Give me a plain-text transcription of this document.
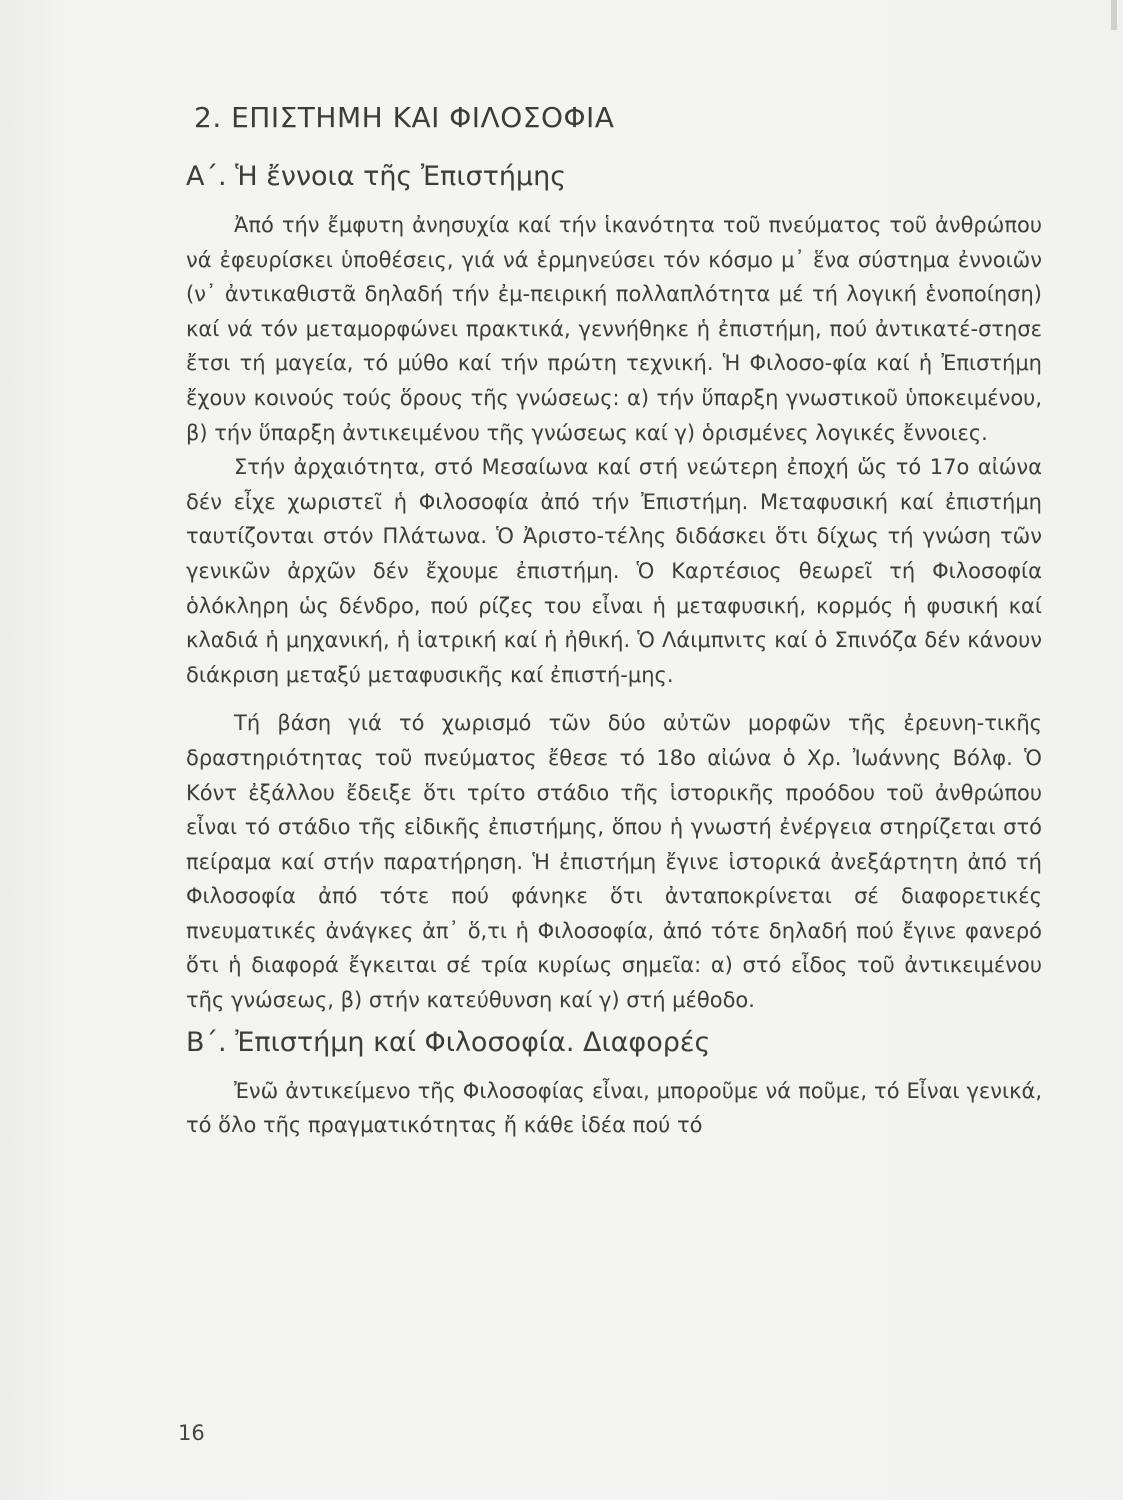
2. ΕΠΙΣΤΗΜΗ ΚΑΙ ΦΙΛΟΣΟΦΙΑ
Α΄. Ἡ ἔννοια τῆς Ἐπιστήμης

Ἀπό τήν ἔμφυτη ἀνησυχία καί τήν ἱκανότητα τοῦ πνεύματος τοῦ ἀνθρώπου νά ἐφευρίσκει ὑποθέσεις, γιά νά ἑρμηνεύσει τόν κόσμο μ᾿ ἕνα σύστημα ἐννοιῶν (ν᾿ ἀντικαθιστᾶ δηλαδή τήν ἐμ-πειρική πολλαπλότητα μέ τή λογική ἑνοποίηση) καί νά τόν μεταμορφώνει πρακτικά, γεννήθηκε ἡ ἐπιστήμη, πού ἀντικατέ-στησε ἔτσι τή μαγεία, τό μύθο καί τήν πρώτη τεχνική. Ἡ Φιλοσο-φία καί ἡ Ἐπιστήμη ἔχουν κοινούς τούς ὅρους τῆς γνώσεως: α) τήν ὕπαρξη γνωστικοῦ ὑποκειμένου, β) τήν ὕπαρξη ἀντικειμένου τῆς γνώσεως καί γ) ὁρισμένες λογικές ἔννοιες.

Στήν ἀρχαιότητα, στό Μεσαίωνα καί στή νεώτερη ἐποχή ὥς τό 17ο αἰώνα δέν εἶχε χωριστεῖ ἡ Φιλοσοφία ἀπό τήν Ἐπιστήμη. Μεταφυσική καί ἐπιστήμη ταυτίζονται στόν Πλάτωνα. Ὁ Ἀριστο-τέλης διδάσκει ὅτι δίχως τή γνώση τῶν γενικῶν ἀρχῶν δέν ἔχουμε ἐπιστήμη. Ὁ Καρτέσιος θεωρεῖ τή Φιλοσοφία ὁλόκληρη ὡς δένδρο, πού ρίζες του εἶναι ἡ μεταφυσική, κορμός ἡ φυσική καί κλαδιά ἡ μηχανική, ἡ ἰατρική καί ἡ ἠθική. Ὁ Λάιμπνιτς καί ὁ Σπινόζα δέν κάνουν διάκριση μεταξύ μεταφυσικῆς καί ἐπιστή-μης.

Τή βάση γιά τό χωρισμό τῶν δύο αὐτῶν μορφῶν τῆς ἐρευνη-τικῆς δραστηριότητας τοῦ πνεύματος ἔθεσε τό 18ο αἰώνα ὁ Χρ. Ἰωάννης Βόλφ. Ὁ Κόντ ἐξάλλου ἔδειξε ὅτι τρίτο στάδιο τῆς ἱστορικῆς προόδου τοῦ ἀνθρώπου εἶναι τό στάδιο τῆς εἰδικῆς ἐπιστήμης, ὅπου ἡ γνωστή ἐνέργεια στηρίζεται στό πείραμα καί στήν παρατήρηση. Ἡ ἐπιστήμη ἔγινε ἱστορικά ἀνεξάρτητη ἀπό τή Φιλοσοφία ἀπό τότε πού φάνηκε ὅτι ἀνταποκρίνεται σέ διαφορετικές πνευματικές ἀνάγκες ἀπ᾿ ὅ,τι ἡ Φιλοσοφία, ἀπό τότε δηλαδή πού ἔγινε φανερό ὅτι ἡ διαφορά ἔγκειται σέ τρία κυρίως σημεῖα: α) στό εἶδος τοῦ ἀντικειμένου τῆς γνώσεως, β) στήν κατεύθυνση καί γ) στή μέθοδο.

Β΄. Ἐπιστήμη καί Φιλοσοφία. Διαφορές

Ἐνῶ ἀντικείμενο τῆς Φιλοσοφίας εἶναι, μποροῦμε νά ποῦμε, τό Εἶναι γενικά, τό ὅλο τῆς πραγματικότητας ἤ κάθε ἰδέα πού τό

16
